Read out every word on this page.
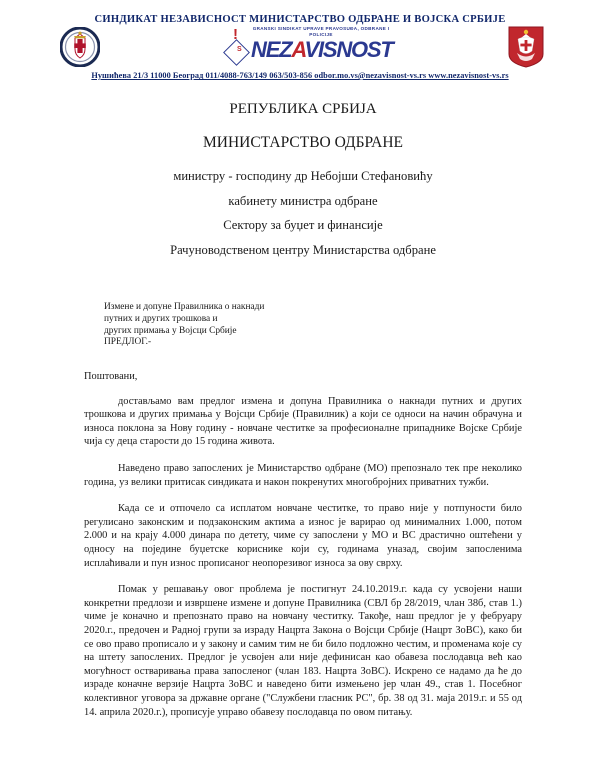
СИНДИКАТ НЕЗАВИСНОСТ МИНИСТАРСТВО ОДБРАНЕ И ВОЈСКА СРБИЈЕ
!
S
GRANSKI SINDIKAT UPRAVE PRAVOSUĐA, ODBRANE I POLICIJE
NEZAVISNOST
Нушићева 21/3 11000 Београд 011/4088-763/149 063/503-856 odbor.mo.vs@nezavisnost-vs.rs www.nezavisnost-vs.rs
РЕПУБЛИКА СРБИЈА
МИНИСТАРСТВО ОДБРАНЕ
министру - господину др Небојши Стефановићу
кабинету министра одбране
Сектору за буџет и финансије
Рачуноводственом центру Министарства одбране
Измене и допуне Правилника о накнади
путних и других трошкова и
других примања у Војсци Србије
ПРЕДЛОГ.-
Поштовани,

достављамо вам предлог измена и допуна Правилника о накнади путних и других трошкова и других примања у Војсци Србије (Правилник) а који се односи на начин обрачуна и износа поклона за Нову годину - новчане честитке за професионалне припаднике Војске Србије чија су деца старости до 15 година живота.

Наведено право запослених је Министарство одбране (МО) препознало тек пре неколико година, уз велики притисак синдиката и након покренутих многобројних приватних тужби.

Када се и отпочело са исплатом новчане честитке, то право није у потпуности било регулисано законским и подзаконским актима а износ је варирао од минималних 1.000, потом 2.000 и на крају 4.000 динара по детету, чиме су запослени у МО и ВС драстично оштећени у односу на поједине буџетске кориснике који су, годинама уназад, својим запосленима исплаћивали и пун износ прописаног неопорезивог износа за ову сврху.

Помак у решавању овог проблема је постигнут 24.10.2019.г. када су усвојени наши конкретни предлози и извршене измене и допуне Правилника (СВЛ бр 28/2019, члан 38б, став 1.) чиме је коначно и препознато право на новчану честитку. Такође, наш предлог је у фебруару 2020.г., предочен и Радној групи за израду Нацрта Закона о Војсци Србије (Нацрт ЗоВС), како би се ово право прописало и у закону и самим тим не би било подложно честим, и променама које су на штету запослених. Предлог је усвојен али није дефинисан као обавеза послодавца већ као могућност остваривања права запосленог (члан 183. Нацрта ЗоВС). Искрено се надамо да ће до израде коначне верзије Нацрта ЗоВС и наведено бити измењено јер члан 49., став 1. Посебног колективног уговора за државне органе ("Службени гласник РС", бр. 38 од 31. маја 2019.г. и 55 од 14. априла 2020.г.), прописује управо обавезу послодавца по овом питању.
